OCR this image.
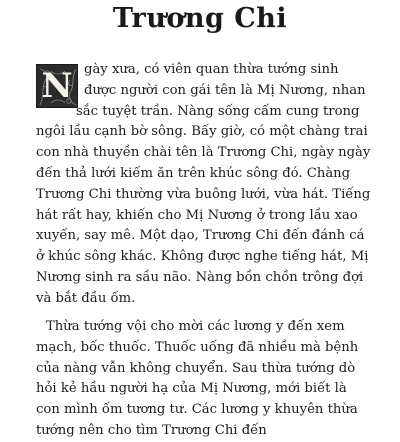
Trương Chi
N gày xưa, có viên quan thừa tướng sinh
được người con gái tên là Mị Nương, nhan
sắc tuyệt trần. Nàng sống cấm cung trong
ngôi lầu cạnh bờ sông. Bấy giờ, có một chàng trai
con nhà thuyền chài tên là Trương Chi, ngày ngày
đến thả lưới kiếm ăn trên khúc sông đó. Chàng
Trương Chi thường vừa buông lưới, vừa hát. Tiếng
hát rất hay, khiến cho Mị Nương ở trong lầu xao
xuyến, say mê. Một dạo, Trương Chi đến đánh cá
ở khúc sông khác. Không được nghe tiếng hát, Mị
Nương sinh ra sầu não. Nàng bồn chồn trông đợi
và bắt đầu ốm.
Thừa tướng vội cho mời các lương y đến xem
mạch, bốc thuốc. Thuốc uống đã nhiều mà bệnh
của nàng vẫn không chuyển. Sau thừa tướng dò
hỏi kẻ hầu người hạ của Mị Nương, mới biết là
con mình ốm tương tư. Các lương y khuyên thừa
tướng nên cho tìm Trương Chi đến
